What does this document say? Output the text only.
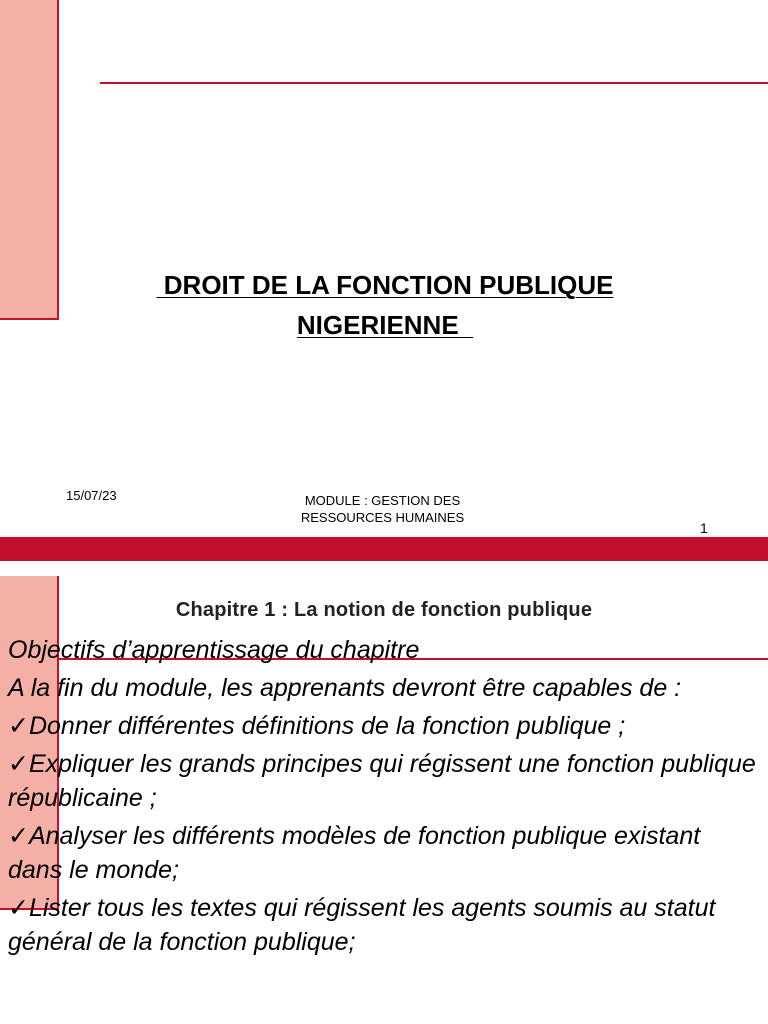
DROIT DE LA FONCTION PUBLIQUE
NIGERIENNE
15/07/23	MODULE : GESTION DES
RESSOURCES HUMAINES
1
Chapitre 1 : La notion de fonction publique

Objectifs d’apprentissage du chapitre

A la fin du module, les apprenants devront être capables de :

✓Donner différentes définitions de la fonction publique ;

✓Expliquer les grands principes qui régissent une fonction publique républicaine ;

✓Analyser les différents modèles de fonction publique existant dans le monde;

✓Lister tous les textes qui régissent les agents soumis au statut général de la fonction publique;
